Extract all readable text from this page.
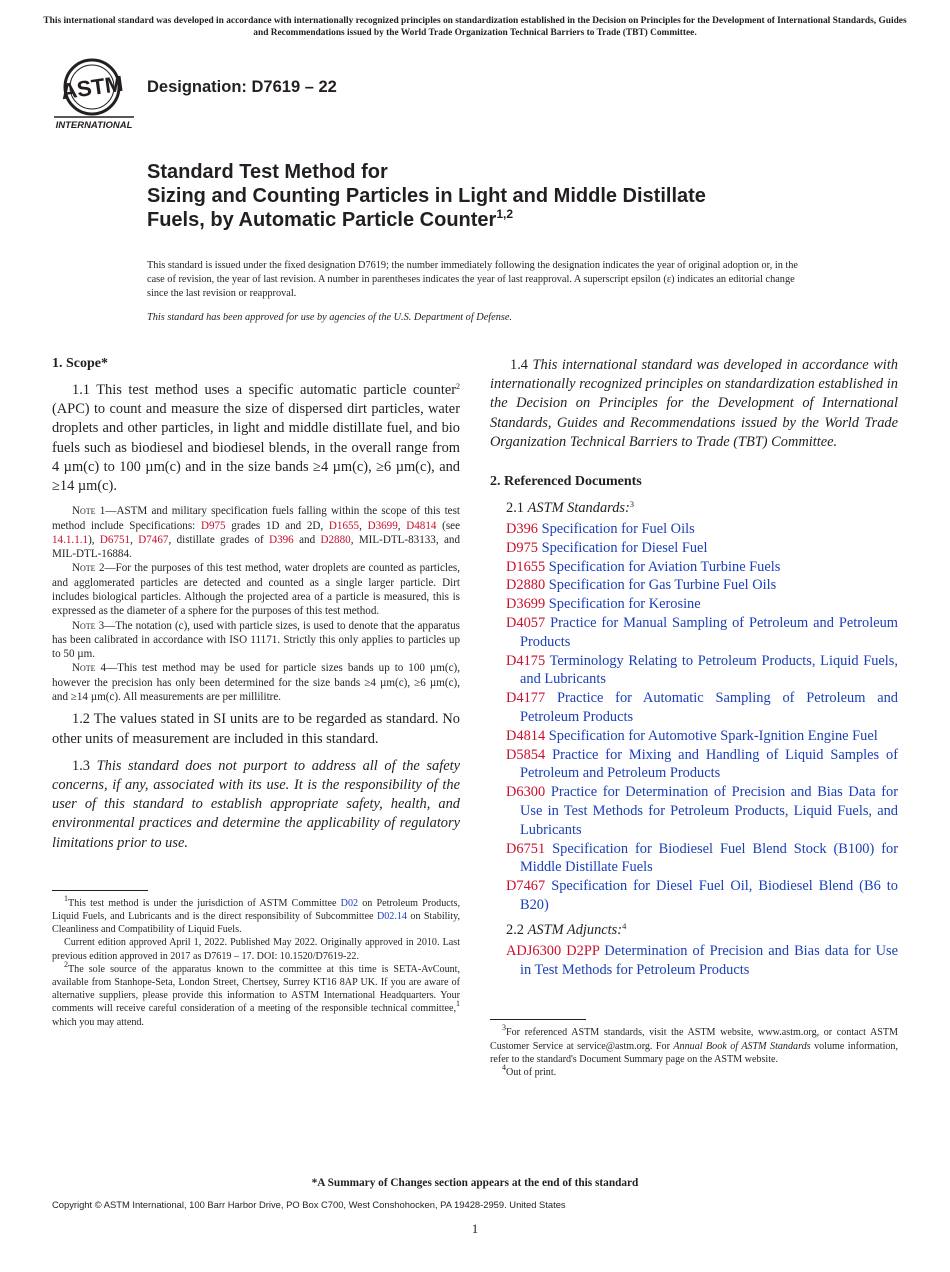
This international standard was developed in accordance with internationally recognized principles on standardization established in the Decision on Principles for the Development of International Standards, Guides and Recommendations issued by the World Trade Organization Technical Barriers to Trade (TBT) Committee.
ASTM
INTERNATIONAL
Designation: D7619 – 22
Standard Test Method for
Sizing and Counting Particles in Light and Middle Distillate
Fuels, by Automatic Particle Counter$^{1,2}$
This standard is issued under the fixed designation D7619; the number immediately following the designation indicates the year of original adoption or, in the case of revision, the year of last revision. A number in parentheses indicates the year of last reapproval. A superscript epsilon (ε) indicates an editorial change since the last revision or reapproval.
This standard has been approved for use by agencies of the U.S. Department of Defense.
1. Scope*

1.1 This test method uses a specific automatic particle counter$^2$ (APC) to count and measure the size of dispersed dirt particles, water droplets and other particles, in light and middle distillate fuel, and bio fuels such as biodiesel and biodiesel blends, in the overall range from 4 µm(c) to 100 µm(c) and in the size bands ≥4 µm(c), ≥6 µm(c), and ≥14 µm(c).

Note 1—ASTM and military specification fuels falling within the scope of this test method include Specifications: D975 grades 1D and 2D, D1655, D3699, D4814 (see 14.1.1.1), D6751, D7467, distillate grades of D396 and D2880, MIL-DTL-83133, and MIL-DTL-16884.

Note 2—For the purposes of this test method, water droplets are counted as particles, and agglomerated particles are detected and counted as a single larger particle. Dirt includes biological particles. Although the projected area of a particle is measured, this is expressed as the diameter of a sphere for the purposes of this test method.

Note 3—The notation (c), used with particle sizes, is used to denote that the apparatus has been calibrated in accordance with ISO 11171. Strictly this only applies to particles up to 50 µm.

Note 4—This test method may be used for particle sizes bands up to 100 µm(c), however the precision has only been determined for the size bands ≥4 µm(c), ≥6 µm(c), and ≥14 µm(c). All measurements are per millilitre.

1.2 The values stated in SI units are to be regarded as standard. No other units of measurement are included in this standard.

1.3 This standard does not purport to address all of the safety concerns, if any, associated with its use. It is the responsibility of the user of this standard to establish appropriate safety, health, and environmental practices and determine the applicability of regulatory limitations prior to use.

$^1$This test method is under the jurisdiction of ASTM Committee D02 on Petroleum Products, Liquid Fuels, and Lubricants and is the direct responsibility of Subcommittee D02.14 on Stability, Cleanliness and Compatibility of Liquid Fuels.

Current edition approved April 1, 2022. Published May 2022. Originally approved in 2010. Last previous edition approved in 2017 as D7619 – 17. DOI: 10.1520/D7619-22.

$^2$The sole source of the apparatus known to the committee at this time is SETA-AvCount, available from Stanhope-Seta, London Street, Chertsey, Surrey KT16 8AP UK. If you are aware of alternative suppliers, please provide this information to ASTM International Headquarters. Your comments will receive careful consideration of a meeting of the responsible technical committee,$^1$ which you may attend.

1.4 This international standard was developed in accordance with internationally recognized principles on standardization established in the Decision on Principles for the Development of International Standards, Guides and Recommendations issued by the World Trade Organization Technical Barriers to Trade (TBT) Committee.

2. Referenced Documents
2.1 ASTM Standards:$^3$
D396 Specification for Fuel Oils
D975 Specification for Diesel Fuel
D1655 Specification for Aviation Turbine Fuels
D2880 Specification for Gas Turbine Fuel Oils
D3699 Specification for Kerosine
D4057 Practice for Manual Sampling of Petroleum and Petroleum Products
D4175 Terminology Relating to Petroleum Products, Liquid Fuels, and Lubricants
D4177 Practice for Automatic Sampling of Petroleum and Petroleum Products
D4814 Specification for Automotive Spark-Ignition Engine Fuel
D5854 Practice for Mixing and Handling of Liquid Samples of Petroleum and Petroleum Products
D6300 Practice for Determination of Precision and Bias Data for Use in Test Methods for Petroleum Products, Liquid Fuels, and Lubricants
D6751 Specification for Biodiesel Fuel Blend Stock (B100) for Middle Distillate Fuels
D7467 Specification for Diesel Fuel Oil, Biodiesel Blend (B6 to B20)
2.2 ASTM Adjuncts:$^4$
ADJ6300 D2PP Determination of Precision and Bias data for Use in Test Methods for Petroleum Products

$^3$For referenced ASTM standards, visit the ASTM website, www.astm.org, or contact ASTM Customer Service at service@astm.org. For Annual Book of ASTM Standards volume information, refer to the standard's Document Summary page on the ASTM website.

$^4$Out of print.

*A Summary of Changes section appears at the end of this standard
Copyright © ASTM International, 100 Barr Harbor Drive, PO Box C700, West Conshohocken, PA 19428-2959. United States
1
